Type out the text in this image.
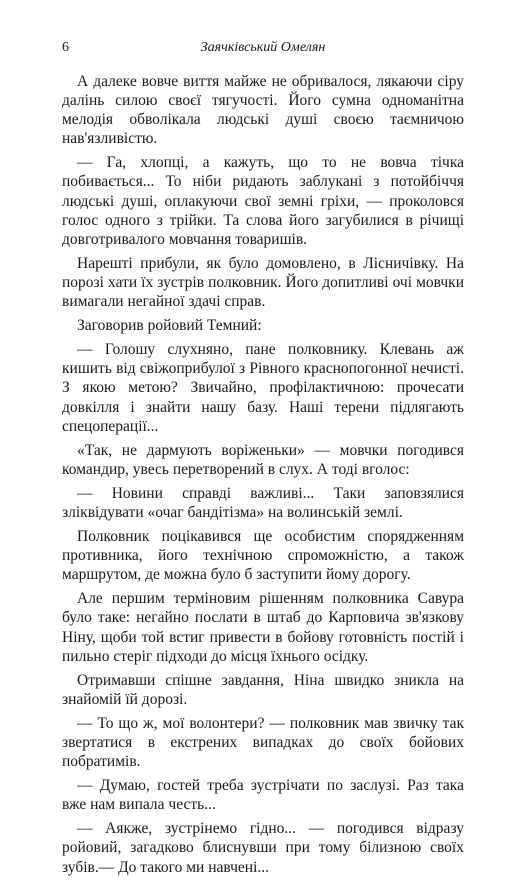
6	Заячківський Омелян

А далеке вовче виття майже не обривалося, лякаючи сіру далінь силою своєї тягучості. Його сумна одноманітна мелодія обволікала людські душі своєю таємничою нав'язливістю.

— Га, хлопці, а кажуть, що то не вовча тічка побивається... То ніби ридають заблукані з потойбіччя людські душі, оплакуючи свої земні гріхи, — проколовся голос одного з трійки. Та слова його загубилися в річищі довготривалого мовчання товаришів.

Нарешті прибули, як було домовлено, в Лісничівку. На порозі хати їх зустрів полковник. Його допитливі очі мовчки вимагали негайної здачі справ.

Заговорив ройовий Темний:

— Голошу слухняно, пане полковнику. Клевань аж кишить від свіжоприбулої з Рівного краснопогонної нечисті. З якою метою? Звичайно, профілактичною: прочесати довкілля і знайти нашу базу. Наші терени підлягають спецоперації...

«Так, не дармують воріженьки» — мовчки погодився командир, увесь перетворений в слух. А тоді вголос:

— Новини справді важливі... Таки заповзялися зліквідувати «очаг бандітізма» на волинській землі.

Полковник поцікавився ще особистим спорядженням противника, його технічною спроможністю, а також маршрутом, де можна було б заступити йому дорогу.

Але першим терміновим рішенням полковника Савура було таке: негайно послати в штаб до Карповича зв'язкову Ніну, щоби той встиг привести в бойову готовність постій і пильно стеріг підходи до місця їхнього осідку.

Отримавши спішне завдання, Ніна швидко зникла на знайомій їй дорозі.

— То що ж, мої волонтери? — полковник мав звичку так звертатися в екстрених випадках до своїх бойових побратимів.

— Думаю, гостей треба зустрічати по заслузі. Раз така вже нам випала честь...

— Аякже, зустрінемо гідно... — погодився відразу ройовий, загадково блиснувши при тому білизною своїх зубів.— До такого ми навчені...
